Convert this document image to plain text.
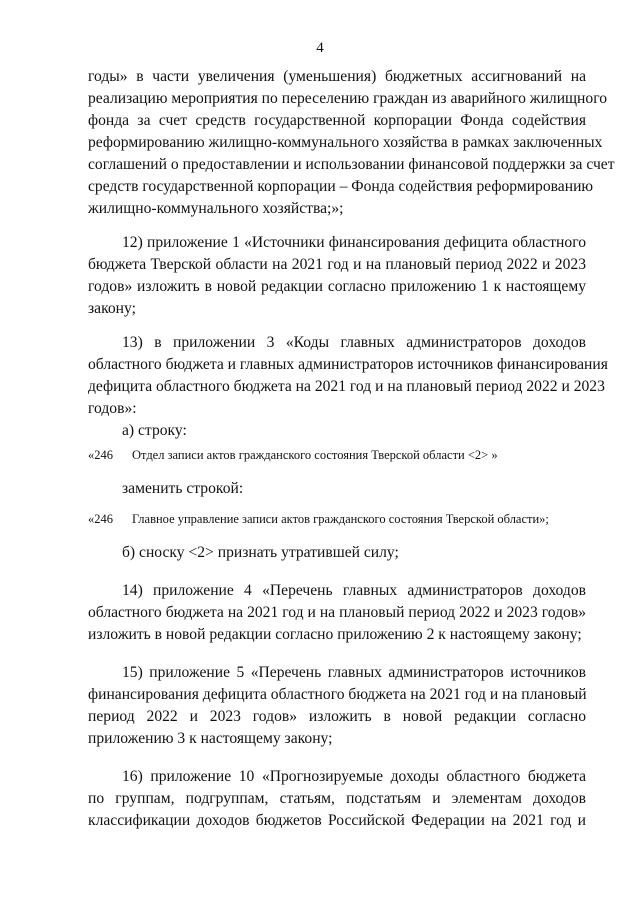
4
годы» в части увеличения (уменьшения) бюджетных ассигнований на
реализацию мероприятия по переселению граждан из аварийного жилищного
фонда за счет средств государственной корпорации Фонда содействия
реформированию жилищно-коммунального хозяйства в рамках заключенных
соглашений о предоставлении и использовании финансовой поддержки за счет
средств государственной корпорации – Фонда содействия реформированию
жилищно-коммунального хозяйства;»;
12) приложение 1 «Источники финансирования дефицита областного
бюджета Тверской области на 2021 год и на плановый период 2022 и 2023
годов» изложить в новой редакции согласно приложению 1 к настоящему
закону;
13) в приложении 3 «Коды главных администраторов доходов
областного бюджета и главных администраторов источников финансирования
дефицита областного бюджета на 2021 год и на плановый период 2022 и 2023
годов»:
а) строку:
«246 Отдел записи актов гражданского состояния Тверской области <2> »
заменить строкой:
«246 Главное управление записи актов гражданского состояния Тверской области»;
б) сноску <2> признать утратившей силу;
14) приложение 4 «Перечень главных администраторов доходов
областного бюджета на 2021 год и на плановый период 2022 и 2023 годов»
изложить в новой редакции согласно приложению 2 к настоящему закону;
15) приложение 5 «Перечень главных администраторов источников
финансирования дефицита областного бюджета на 2021 год и на плановый
период 2022 и 2023 годов» изложить в новой редакции согласно
приложению 3 к настоящему закону;
16) приложение 10 «Прогнозируемые доходы областного бюджета
по группам, подгруппам, статьям, подстатьям и элементам доходов
классификации доходов бюджетов Российской Федерации на 2021 год и
